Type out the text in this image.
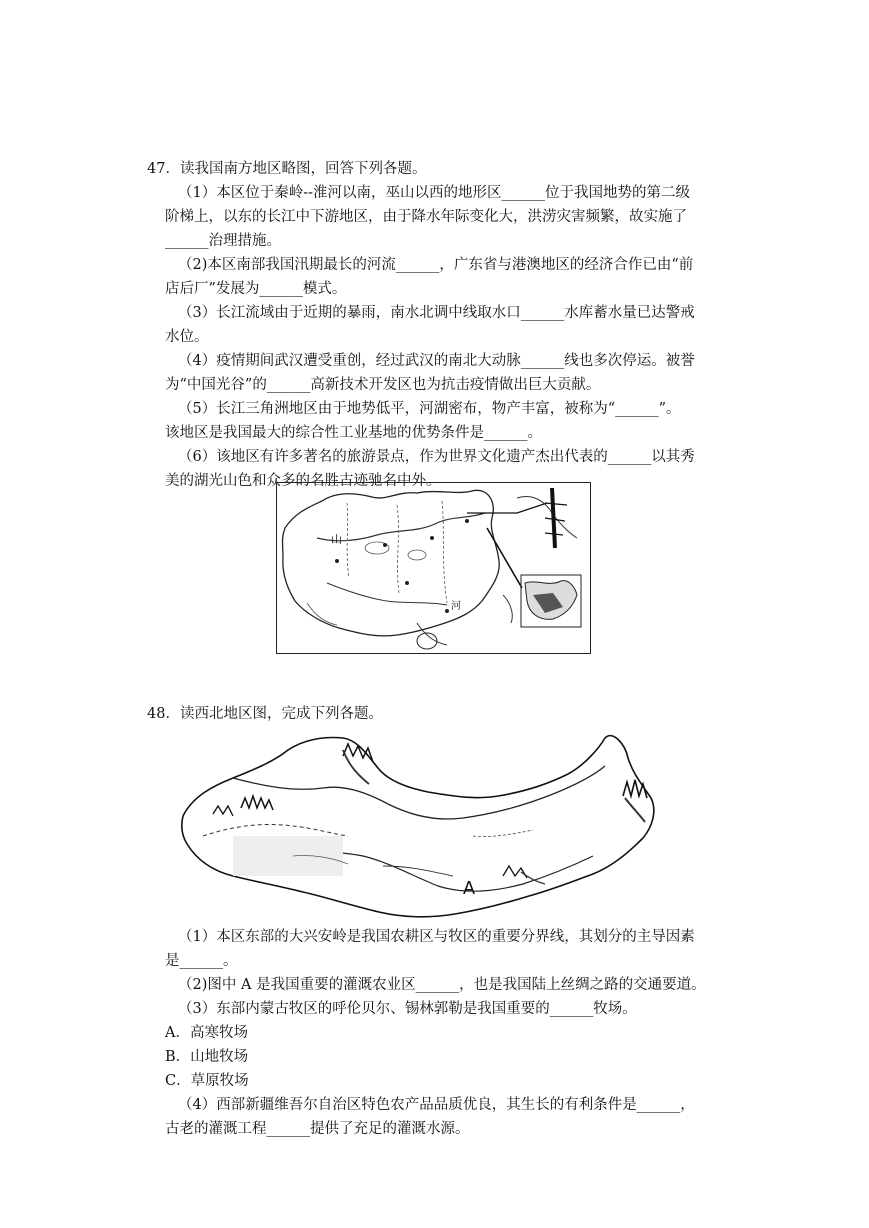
47．读我国南方地区略图，回答下列各题。
（1）本区位于秦岭--淮河以南，巫山以西的地形区______位于我国地势的第二级
阶梯上，以东的长江中下游地区，由于降水年际变化大，洪涝灾害频繁，故实施了
______治理措施。
（2)本区南部我国汛期最长的河流______，广东省与港澳地区的经济合作已由“前
店后厂”发展为______模式。
（3）长江流域由于近期的暴雨，南水北调中线取水口______水库蓄水量已达警戒
水位。
（4）疫情期间武汉遭受重创，经过武汉的南北大动脉______线也多次停运。被誉
为“中国光谷”的______高新技术开发区也为抗击疫情做出巨大贡献。
（5）长江三角洲地区由于地势低平，河湖密布，物产丰富，被称为“______”。
该地区是我国最大的综合性工业基地的优势条件是______。
（6）该地区有许多著名的旅游景点，作为世界文化遗产杰出代表的______以其秀
美的湖光山色和众多的名胜古迹驰名中外。
山
河
48．读西北地区图，完成下列各题。
A
（1）本区东部的大兴安岭是我国农耕区与牧区的重要分界线，其划分的主导因素
是______。
（2)图中 A 是我国重要的灌溉农业区______，也是我国陆上丝绸之路的交通要道。
（3）东部内蒙古牧区的呼伦贝尔、锡林郭勒是我国重要的______牧场。
A．高寒牧场
B．山地牧场
C．草原牧场
（4）西部新疆维吾尔自治区特色农产品品质优良，其生长的有利条件是______，
古老的灌溉工程______提供了充足的灌溉水源。
